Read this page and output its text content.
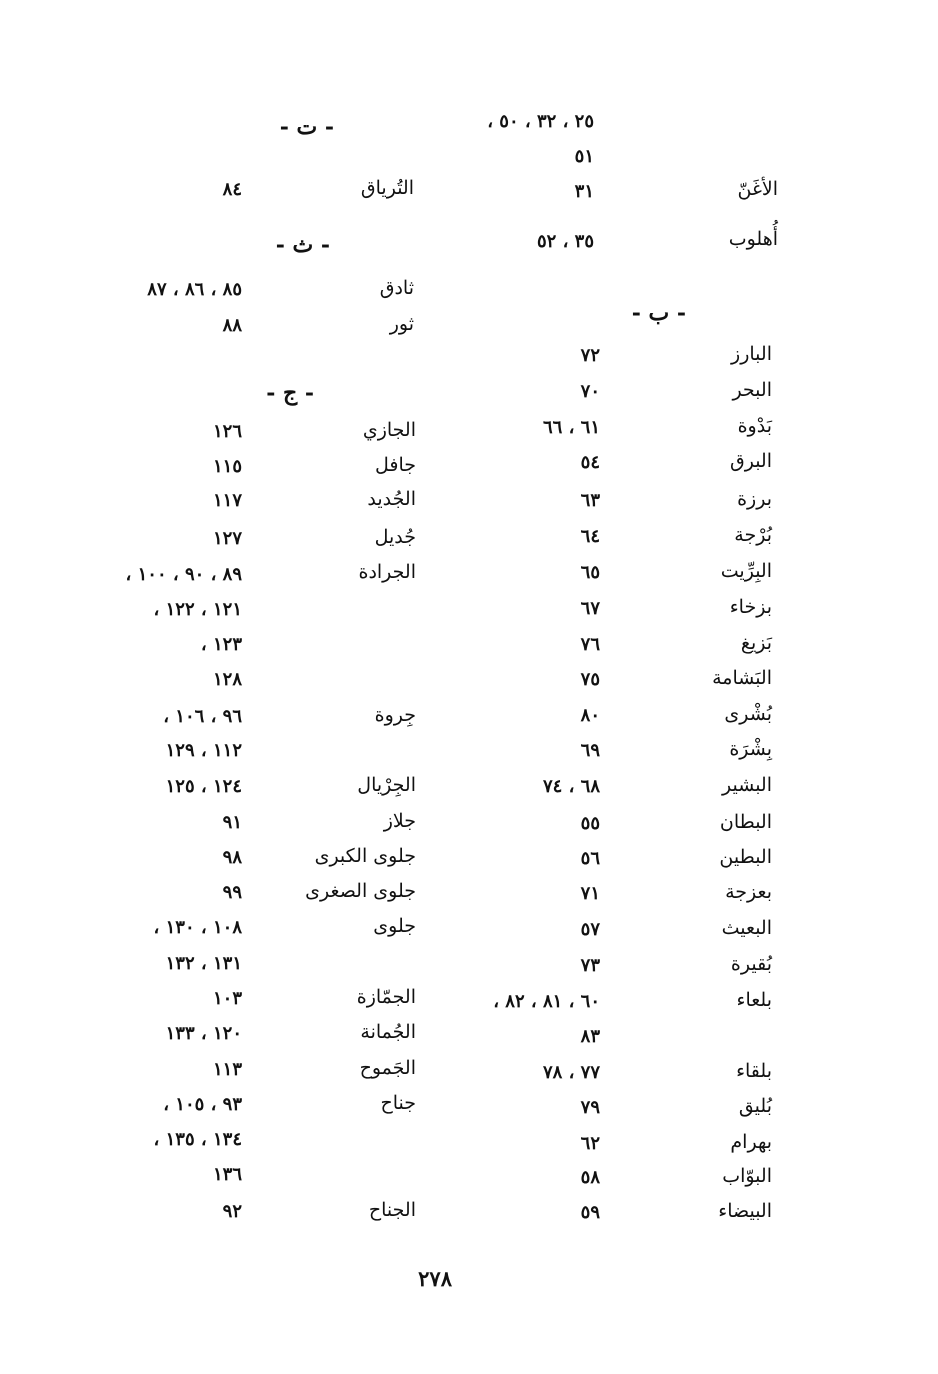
٢٥ ، ٣٢ ، ٥٠ ،
٥١
الأغَنّ
٣١
أُهلوب
٣٥ ، ٥٢
- ب -
البارز
٧٢
البحر
٧٠
بَدْوة
٦١ ، ٦٦
البرق
٥٤
برزة
٦٣
بُرْجة
٦٤
البِرِّيت
٦٥
بزخاء
٦٧
بَزيغ
٧٦
البَشامة
٧٥
بُشْرى
٨٠
بِشْرَة
٦٩
البشير
٦٨ ، ٧٤
البطان
٥٥
البطين
٥٦
بعزجة
٧١
البعيث
٥٧
بُقيرة
٧٣
بلعاء
٦٠ ، ٨١ ، ٨٢ ،
٨٣
بلقاء
٧٧ ، ٧٨
بُليق
٧٩
بهرام
٦٢
البوّاب
٥٨
البيضاء
٥٩
- ت -
التُرياق
٨٤
- ث -
ثادق
٨٥ ، ٨٦ ، ٨٧
ثور
٨٨
- ج -
الجازي
١٢٦
جافل
١١٥
الجُديد
١١٧
جُديل
١٢٧
الجرادة
٨٩ ، ٩٠ ، ١٠٠ ،
١٢١ ، ١٢٢ ،
١٢٣ ،
١٢٨
جِروة
٩٦ ، ١٠٦ ،
١١٢ ، ١٢٩
الجِرْيال
١٢٤ ، ١٢٥
جلاز
٩١
جلوى الكبرى
٩٨
جلوى الصغرى
٩٩
جلوى
١٠٨ ، ١٣٠ ،
١٣١ ، ١٣٢
الجمّازة
١٠٣
الجُمانة
١٢٠ ، ١٣٣
الجَموح
١١٣
جناح
٩٣ ، ١٠٥ ،
١٣٤ ، ١٣٥ ،
١٣٦
الجناح
٩٢
٢٧٨
